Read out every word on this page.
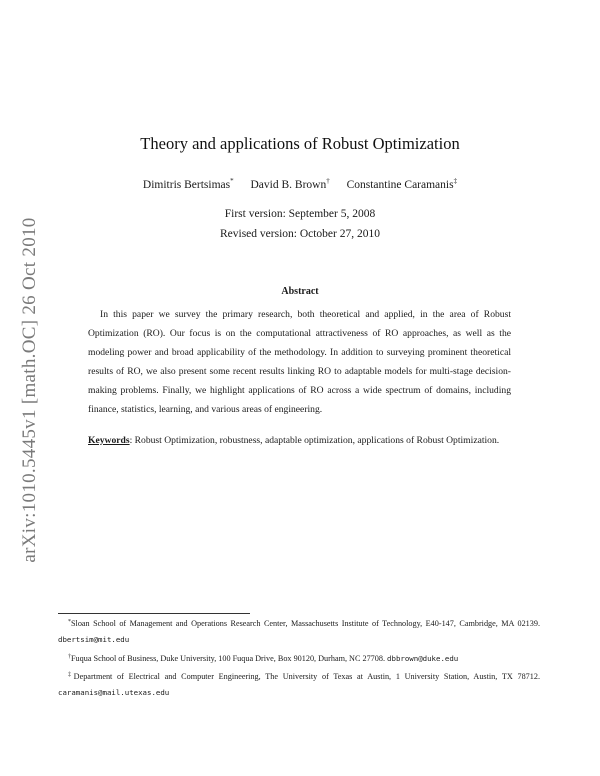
arXiv:1010.5445v1 [math.OC] 26 Oct 2010
Theory and applications of Robust Optimization
Dimitris Bertsimas* David B. Brown† Constantine Caramanis‡
First version: September 5, 2008
Revised version: October 27, 2010
Abstract
In this paper we survey the primary research, both theoretical and applied, in the area of Robust Optimization (RO). Our focus is on the computational attractiveness of RO approaches, as well as the modeling power and broad applicability of the methodology. In addition to surveying prominent theoretical results of RO, we also present some recent results linking RO to adaptable models for multi-stage decision-making problems. Finally, we highlight applications of RO across a wide spectrum of domains, including finance, statistics, learning, and various areas of engineering.
Keywords: Robust Optimization, robustness, adaptable optimization, applications of Robust Optimization.
*Sloan School of Management and Operations Research Center, Massachusetts Institute of Technology, E40-147, Cambridge, MA 02139. dbertsim@mit.edu
†Fuqua School of Business, Duke University, 100 Fuqua Drive, Box 90120, Durham, NC 27708. dbbrown@duke.edu
‡Department of Electrical and Computer Engineering, The University of Texas at Austin, 1 University Station, Austin, TX 78712. caramanis@mail.utexas.edu
